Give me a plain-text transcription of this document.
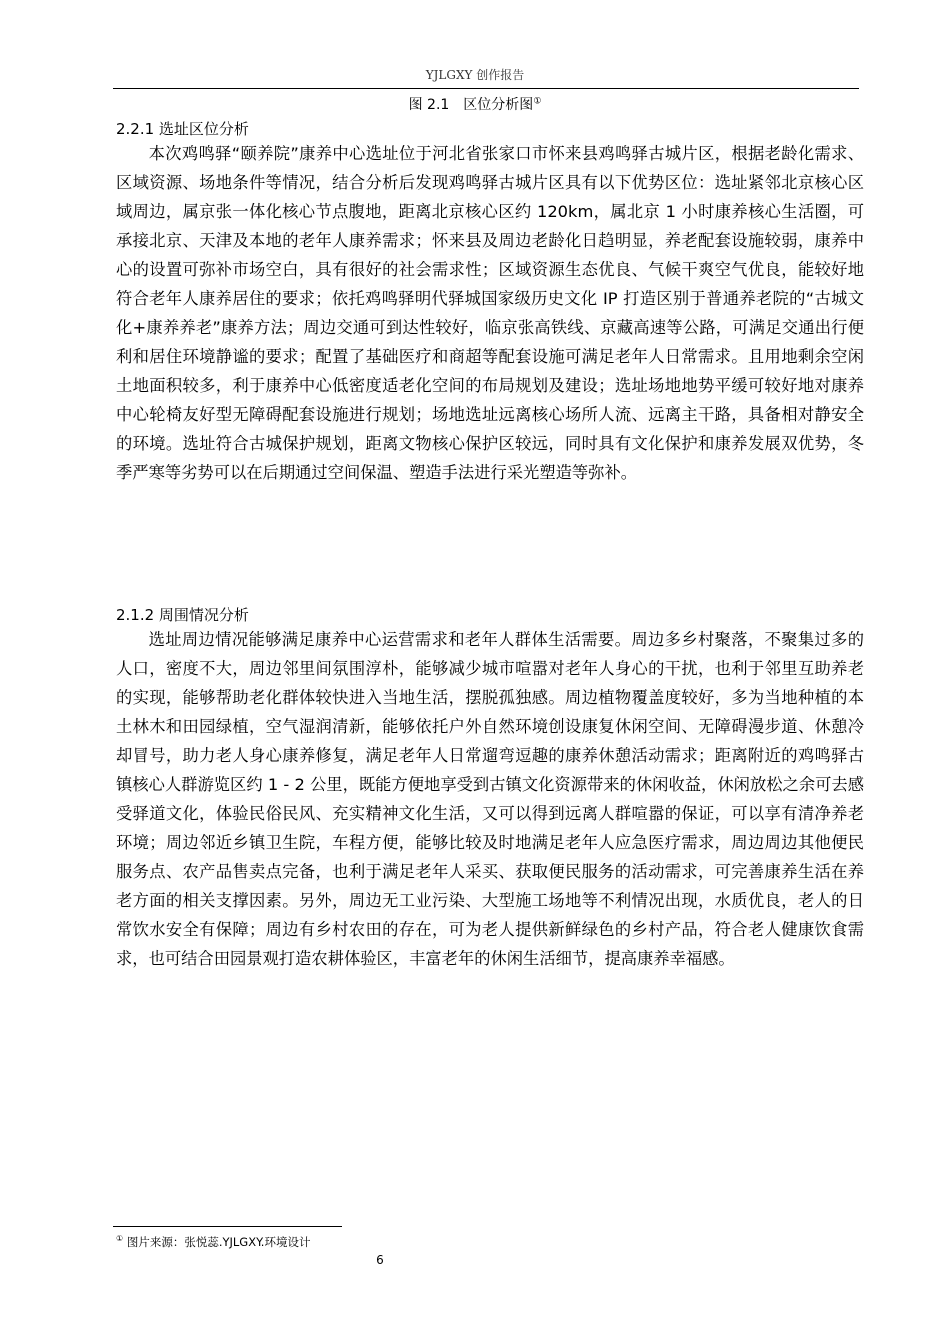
YJLGXY 创作报告
图 2.1　区位分析图①
2.2.1 选址区位分析

本次鸡鸣驿“颐养院”康养中心选址位于河北省张家口市怀来县鸡鸣驿古城片区，根据老龄化需求、区域资源、场地条件等情况，结合分析后发现鸡鸣驿古城片区具有以下优势区位：选址紧邻北京核心区域周边，属京张一体化核心节点腹地，距离北京核心区约 120km，属北京 1 小时康养核心生活圈，可承接北京、天津及本地的老年人康养需求；怀来县及周边老龄化日趋明显，养老配套设施较弱，康养中心的设置可弥补市场空白，具有很好的社会需求性；区域资源生态优良、气候干爽空气优良，能较好地符合老年人康养居住的要求；依托鸡鸣驿明代驿城国家级历史文化 IP 打造区别于普通养老院的“古城文化+康养养老”康养方法；周边交通可到达性较好，临京张高铁线、京藏高速等公路，可满足交通出行便利和居住环境静谧的要求；配置了基础医疗和商超等配套设施可满足老年人日常需求。且用地剩余空闲土地面积较多，利于康养中心低密度适老化空间的布局规划及建设；选址场地地势平缓可较好地对康养中心轮椅友好型无障碍配套设施进行规划；场地选址远离核心场所人流、远离主干路，具备相对静安全的环境。选址符合古城保护规划，距离文物核心保护区较远，同时具有文化保护和康养发展双优势，冬季严寒等劣势可以在后期通过空间保温、塑造手法进行采光塑造等弥补。

2.1.2 周围情况分析

选址周边情况能够满足康养中心运营需求和老年人群体生活需要。周边多乡村聚落，不聚集过多的人口，密度不大，周边邻里间氛围淳朴，能够减少城市喧嚣对老年人身心的干扰，也利于邻里互助养老的实现，能够帮助老化群体较快进入当地生活，摆脱孤独感。周边植物覆盖度较好，多为当地种植的本土林木和田园绿植，空气湿润清新，能够依托户外自然环境创设康复休闲空间、无障碍漫步道、休憩冷却冒号，助力老人身心康养修复，满足老年人日常遛弯逗趣的康养休憩活动需求；距离附近的鸡鸣驿古镇核心人群游览区约 1 - 2 公里，既能方便地享受到古镇文化资源带来的休闲收益，休闲放松之余可去感受驿道文化，体验民俗民风、充实精神文化生活，又可以得到远离人群喧嚣的保证，可以享有清净养老环境；周边邻近乡镇卫生院，车程方便，能够比较及时地满足老年人应急医疗需求，周边周边其他便民服务点、农产品售卖点完备，也利于满足老年人采买、获取便民服务的活动需求，可完善康养生活在养老方面的相关支撑因素。另外，周边无工业污染、大型施工场地等不利情况出现，水质优良，老人的日常饮水安全有保障；周边有乡村农田的存在，可为老人提供新鲜绿色的乡村产品，符合老人健康饮食需求，也可结合田园景观打造农耕体验区，丰富老年的休闲生活细节，提高康养幸福感。

① 图片来源：张悦蕊.YJLGXY.环境设计
6
